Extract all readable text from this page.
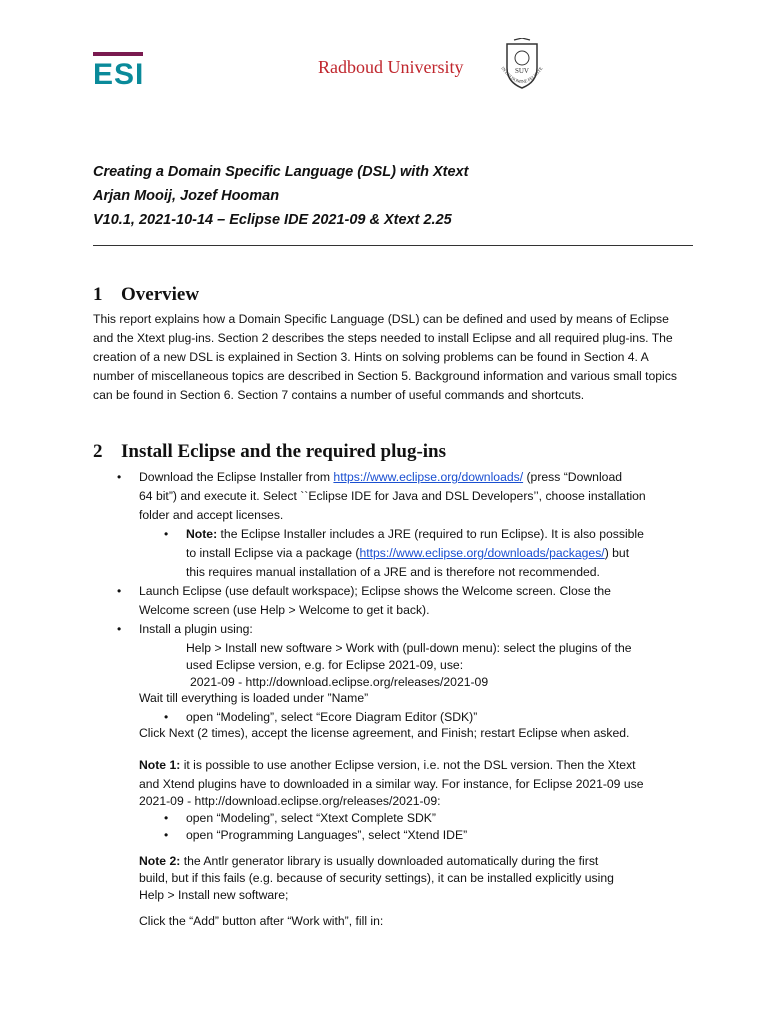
ESI	Radboud University	SUV
IN DEI NOMINE FELICITE
Creating a Domain Specific Language (DSL) with Xtext
Arjan Mooij, Jozef Hooman
V10.1, 2021-10-14 – Eclipse IDE 2021-09 & Xtext 2.25
1 Overview
This report explains how a Domain Specific Language (DSL) can be defined and used by means of Eclipse and the Xtext plug-ins. Section 2 describes the steps needed to install Eclipse and all required plug-ins. The creation of a new DSL is explained in Section 3. Hints on solving problems can be found in Section 4. A number of miscellaneous topics are described in Section 5. Background information and various small topics can be found in Section 6. Section 7 contains a number of useful commands and shortcuts.
2 Install Eclipse and the required plug-ins
• Download the Eclipse Installer from https://www.eclipse.org/downloads/ (press “Download
64 bit”) and execute it. Select ``Eclipse IDE for Java and DSL Developers’’, choose installation
folder and accept licenses.
• Note: the Eclipse Installer includes a JRE (required to run Eclipse). It is also possible
to install Eclipse via a package (https://www.eclipse.org/downloads/packages/) but
this requires manual installation of a JRE and is therefore not recommended.
• Launch Eclipse (use default workspace); Eclipse shows the Welcome screen. Close the
Welcome screen (use Help > Welcome to get it back).
• Install a plugin using:
Help > Install new software > Work with (pull-down menu): select the plugins of the
used Eclipse version, e.g. for Eclipse 2021-09, use:
2021-09 - http://download.eclipse.org/releases/2021-09
Wait till everything is loaded under ”Name”
• open “Modeling”, select “Ecore Diagram Editor (SDK)”
Click Next (2 times), accept the license agreement, and Finish; restart Eclipse when asked.
Note 1: it is possible to use another Eclipse version, i.e. not the DSL version. Then the Xtext
and Xtend plugins have to downloaded in a similar way. For instance, for Eclipse 2021-09 use
2021-09 - http://download.eclipse.org/releases/2021-09:
• open “Modeling”, select “Xtext Complete SDK”
• open “Programming Languages”, select “Xtend IDE”
Note 2: the Antlr generator library is usually downloaded automatically during the first
build, but if this fails (e.g. because of security settings), it can be installed explicitly using
Help > Install new software;
Click the “Add” button after “Work with”, fill in:
